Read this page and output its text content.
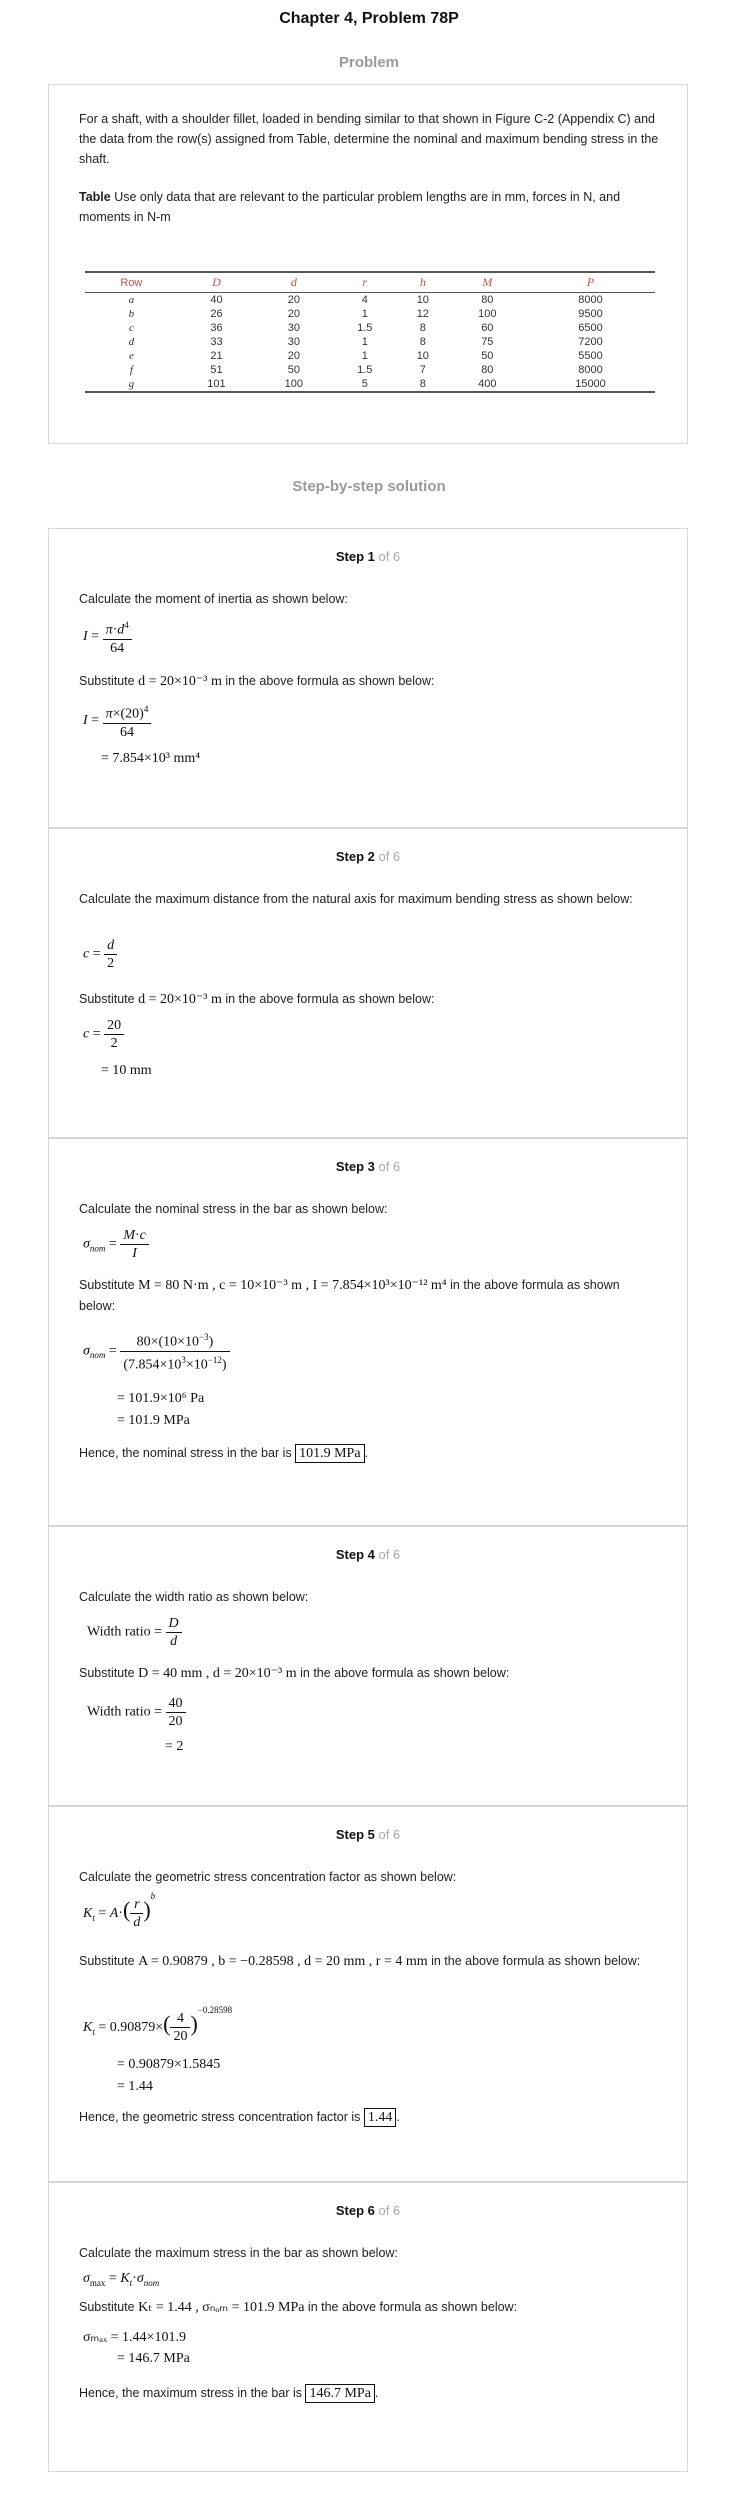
Chapter 4, Problem 78P
Problem
For a shaft, with a shoulder fillet, loaded in bending similar to that shown in Figure C-2 (Appendix C) and the data from the row(s) assigned from Table, determine the nominal and maximum bending stress in the shaft.
Table Use only data that are relevant to the particular problem lengths are in mm, forces in N, and moments in N-m
Row	D	d	r	h	M	P
a	40	20	4	10	80	8000
b	26	20	1	12	100	9500
c	36	30	1.5	8	60	6500
d	33	30	1	8	75	7200
e	21	20	1	10	50	5500
f	51	50	1.5	7	80	8000
g	101	100	5	8	400	15000
Step-by-step solution
Step 1 of 6
Calculate the moment of inertia as shown below:
$I = \frac{\pi\cdot d^4}{64}$
Substitute d = 20×10⁻³ m in the above formula as shown below:
$I = \frac{\pi\times(20)^4}{64}$
= 7.854×10³ mm⁴
Step 2 of 6
Calculate the maximum distance from the natural axis for maximum bending stress as shown below:
$c = \frac{d}{2}$
Substitute d = 20×10⁻³ m in the above formula as shown below:
$c = \frac{20}{2}$
= 10 mm
Step 3 of 6
Calculate the nominal stress in the bar as shown below:
$\sigma_{nom} = \frac{M\cdot c}{I}$
Substitute M = 80 N·m , c = 10×10⁻³ m , I = 7.854×10³×10⁻¹² m⁴ in the above formula as shown below:
$\sigma_{nom} = \frac{80\times(10\times 10^{-3})}{(7.854\times 10^3\times 10^{-12})}$
= 101.9×10⁶ Pa
= 101.9 MPa
Hence, the nominal stress in the bar is 101.9 MPa .
Step 4 of 6
Calculate the width ratio as shown below:
Width ratio = $\frac{D}{d}$
Substitute D = 40 mm , d = 20×10⁻³ m in the above formula as shown below:
Width ratio = $\frac{40}{20}$
= 2
Step 5 of 6
Calculate the geometric stress concentration factor as shown below:
$K_t = A\cdot( \frac{r}{d} )^b$
Substitute A = 0.90879 , b = −0.28598 , d = 20 mm , r = 4 mm in the above formula as shown below:
$K_t = 0.90879\times( \frac{4}{20} )^{-0.28598}$
= 0.90879×1.5845
= 1.44
Hence, the geometric stress concentration factor is 1.44 .
Step 6 of 6
Calculate the maximum stress in the bar as shown below:
$\sigma_{max} = K_t\cdot\sigma_{nom}$
Substitute Kₜ = 1.44 , σₙₒₘ = 101.9 MPa in the above formula as shown below:
σₘₐₓ = 1.44×101.9
= 146.7 MPa
Hence, the maximum stress in the bar is 146.7 MPa .
